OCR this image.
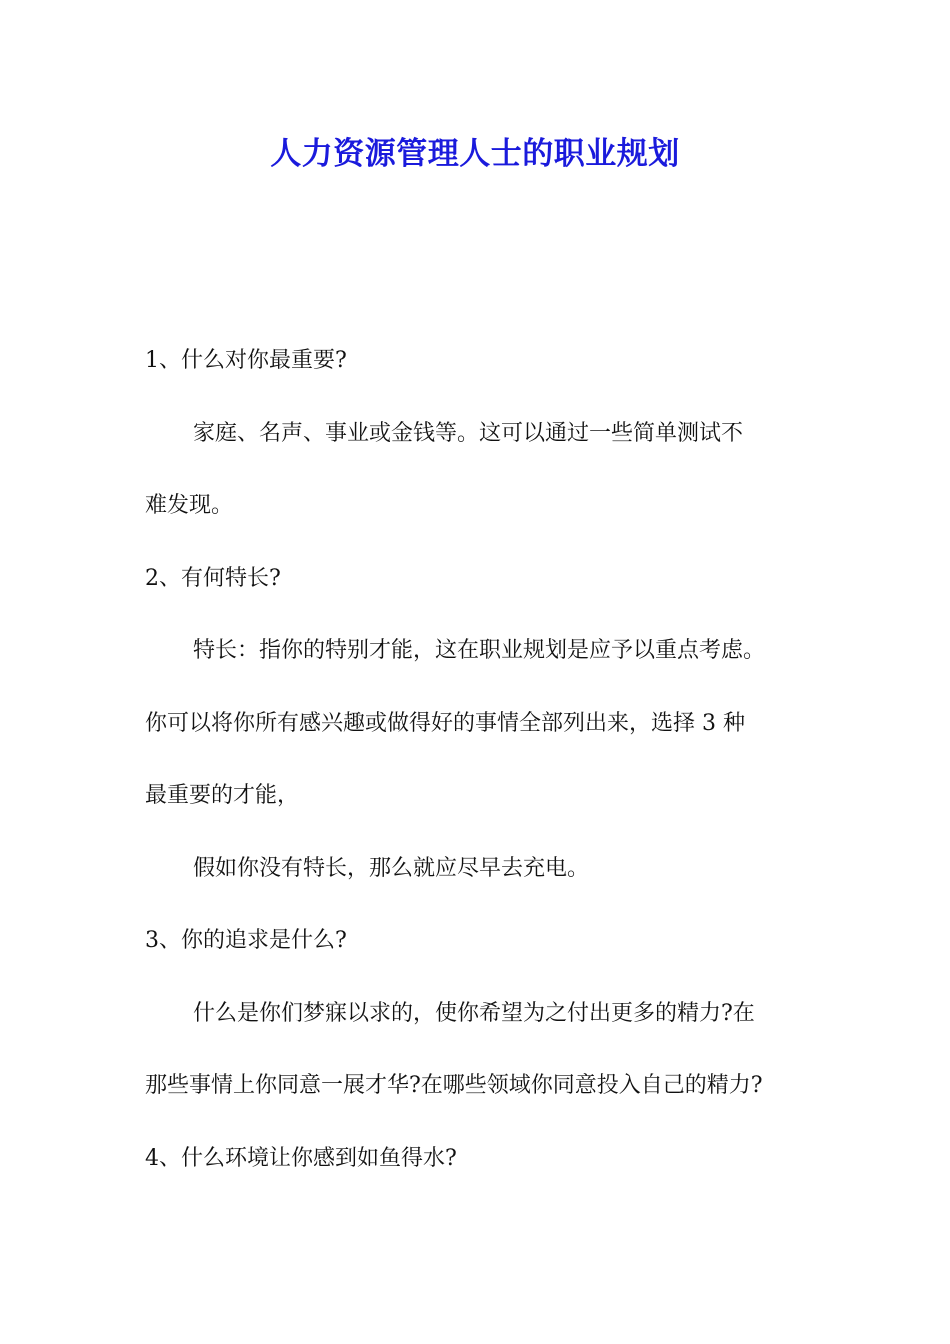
人力资源管理人士的职业规划

1、什么对你最重要?

家庭、名声、事业或金钱等。这可以通过一些简单测试不

难发现。

2、有何特长?

特长：指你的特别才能，这在职业规划是应予以重点考虑。

你可以将你所有感兴趣或做得好的事情全部列出来，选择 3 种

最重要的才能，

假如你没有特长，那么就应尽早去充电。

3、你的追求是什么?

什么是你们梦寐以求的，使你希望为之付出更多的精力?在

那些事情上你同意一展才华?在哪些领域你同意投入自己的精力?

4、什么环境让你感到如鱼得水?
